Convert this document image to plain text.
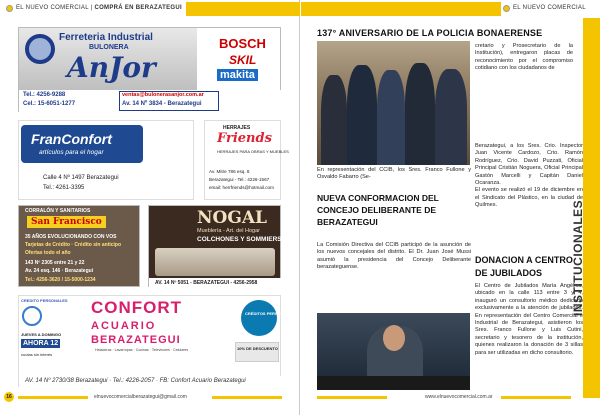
EL NUEVO COMERCIAL | COMPRÁ EN BERAZATEGUI
Ferreteria Industrial
BULONERA
AnJor
BOSCH
SKIL
makita
Tel.: 4256-9288
Cel.: 15-6051-1277
ventas@bulonerasanjor.com.ar
Av. 14 Nº 3834 - Berazategui
FranConfort
artículos para el hogar
Calle 4 Nº 1497 Berazategui
Tel.: 4261-3395
HERRAJES
Friends
HERRAJES PARA OBRAS Y MUEBLES
Av. Mitre 786 esq. 8
Berazategui - Tel.: 4226-1567
email: herrfriends@hotmail.com
CORRALÓN Y SANITARIOS
San Francisco
35 AÑOS EVOLUCIONANDO CON VOS
Tarjetas de Crédito · Crédito sin anticipo
Ofertas todo el año
143 Nº 2305 entre 21 y 22
Av. 24 esq. 146 · Berazategui
Tel.: 4256-3620 / 15-5000-1234
NOGAL
Mueblería - Art. del Hogar
COLCHONES Y SOMMIERS
AV. 14 Nº 5051 - BERAZATEGUI - 4256-2958
CREDITO PERSONALES
JUEVES A DOMINGO
AHORA 12
cuotas sin interés
CONFORT
ACUARIO
BERAZATEGUI
Heladeras · Lavarropas · Cocinas · Televisores · Celulares
CRÉDITOS PERSONALES
10% DE DESCUENTO
AV. 14 Nº 2730/38 Berazategui · Tel.: 4226-2057 · FB: Confort Acuario Berazategui
16	elnuevocomercialberazategui@gmail.com
EL NUEVO COMERCIAL
137° ANIVERSARIO DE LA POLICIA BONAERENSE
cretario y Prosecretario de la Institución), entregaron placas de reconocimiento por el compromiso cotidiano con los ciudadanos de
En representación del CCIB, los Sres. Franco Fullone y Osvaldo Fabarro (Se-
Berazategui, a los Sres. Crio. Inspector Juan Vicente Cardozo, Crio. Ramón Rodríguez, Crio. David Puzzati, Oficial Principal Cristián Noguera, Oficial Principal Gastón Marcelli y Capitán Daniel Ocaranza.
El evento se realizó el 19 de diciembre en el Sindicato del Plástico, en la ciudad de Quilmes.
NUEVA CONFORMACION DEL CONCEJO DELIBERANTE DE BERAZATEGUI
La Comisión Directiva del CCIB participó de la asunción de los nuevos concejales del distrito. El Dr. Juan José Mussi asumió la presidencia del Concejo Deliberante berazateguense.
DONACION A CENTRO DE JUBILADOS
El Centro de Jubilados María Angélica, ubicado en la calle 113 entre 3 y 4, inauguró un consultorio médico dedicado exclusivamente a la atención de jubilados. En representación del Centro Comercial e Industrial de Berazategui, asistieron los Sres. Franco Fullone y Luis Cutini, secretario y tesorero de la institución, quienes realizaron la donación de 3 sillas para ser utilizadas en dicho consultorio.
INSTITUCIONALES
www.elnuevocomercial.com.ar
